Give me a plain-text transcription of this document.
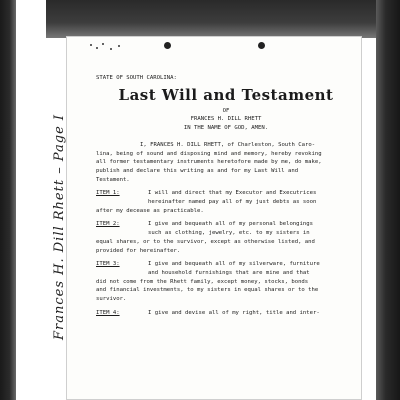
Frances H. Dill Rhett – Page I

STATE OF SOUTH CAROLINA:

Last Will and Testament

OF

FRANCES H. DILL RHETT

IN THE NAME OF GOD, AMEN.

I, FRANCES H. DILL RHETT, of Charleston, South Caro-
lina, being of sound and disposing mind and memory, hereby revoking
all former testamentary instruments heretofore made by me, do make,
publish and declare this writing as and for my Last Will and
Testament.
ITEM 1:	I will and direct that my Executor and Executrices
hereinafter named pay all of my just debts as soon
after my decease as practicable.
ITEM 2:	I give and bequeath all of my personal belongings
such as clothing, jewelry, etc. to my sisters in
equal shares, or to the survivor, except as otherwise listed, and
provided for hereinafter.
ITEM 3:	I give and bequeath all of my silverware, furniture
and household furnishings that are mine and that
did not come from the Rhett family, except money, stocks, bonds
and financial investments, to my sisters in equal shares or to the
survivor.
ITEM 4:	I give and devise all of my right, title and inter-
